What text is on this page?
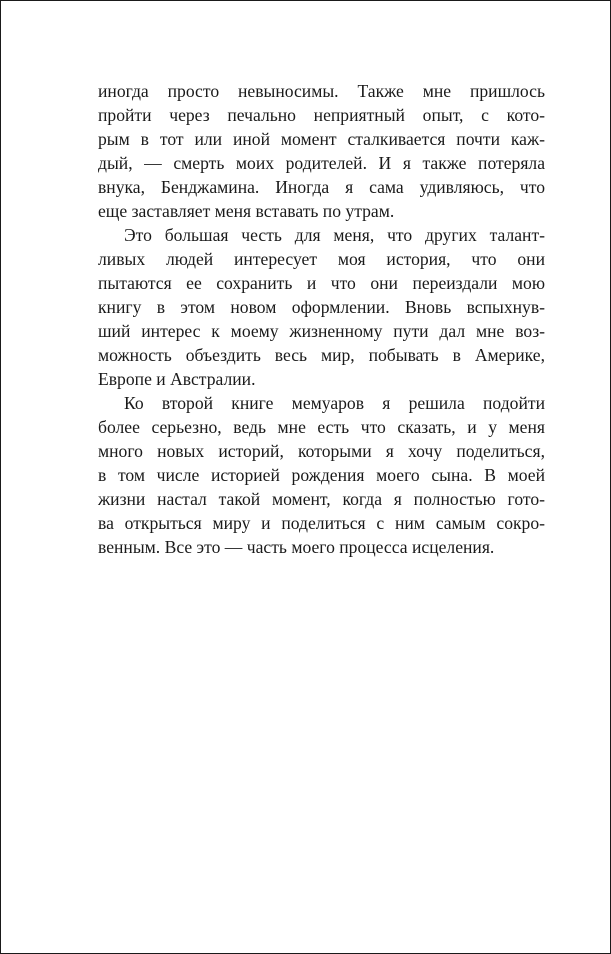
иногда просто невыносимы. Также мне пришлось
пройти через печально неприятный опыт, с кото-
рым в тот или иной момент сталкивается почти каж-
дый, — смерть моих родителей. И я также потеряла
внука, Бенджамина. Иногда я сама удивляюсь, что
еще заставляет меня вставать по утрам.
Это большая честь для меня, что других талант-
ливых людей интересует моя история, что они
пытаются ее сохранить и что они переиздали мою
книгу в этом новом оформлении. Вновь вспыхнув-
ший интерес к моему жизненному пути дал мне воз-
можность объездить весь мир, побывать в Америке,
Европе и Австралии.
Ко второй книге мемуаров я решила подойти
более серьезно, ведь мне есть что сказать, и у меня
много новых историй, которыми я хочу поделиться,
в том числе историей рождения моего сына. В моей
жизни настал такой момент, когда я полностью гото-
ва открыться миру и поделиться с ним самым сокро-
венным. Все это — часть моего процесса исцеления.
